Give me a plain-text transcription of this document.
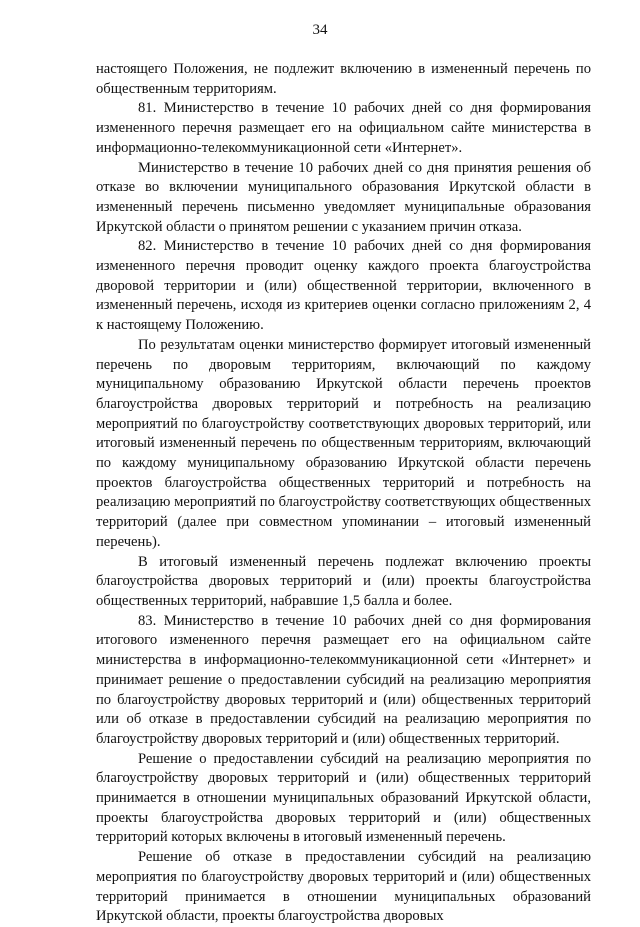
34

настоящего Положения, не подлежит включению в измененный перечень по общественным территориям.

81. Министерство в течение 10 рабочих дней со дня формирования измененного перечня размещает его на официальном сайте министерства в информационно-телекоммуникационной сети «Интернет».

Министерство в течение 10 рабочих дней со дня принятия решения об отказе во включении муниципального образования Иркутской области в измененный перечень письменно уведомляет муниципальные образования Иркутской области о принятом решении с указанием причин отказа.

82. Министерство в течение 10 рабочих дней со дня формирования измененного перечня проводит оценку каждого проекта благоустройства дворовой территории и (или) общественной территории, включенного в измененный перечень, исходя из критериев оценки согласно приложениям 2, 4 к настоящему Положению.

По результатам оценки министерство формирует итоговый измененный перечень по дворовым территориям, включающий по каждому муниципальному образованию Иркутской области перечень проектов благоустройства дворовых территорий и потребность на реализацию мероприятий по благоустройству соответствующих дворовых территорий, или итоговый измененный перечень по общественным территориям, включающий по каждому муниципальному образованию Иркутской области перечень проектов благоустройства общественных территорий и потребность на реализацию мероприятий по благоустройству соответствующих общественных территорий (далее при совместном упоминании – итоговый измененный перечень).

В итоговый измененный перечень подлежат включению проекты благоустройства дворовых территорий и (или) проекты благоустройства общественных территорий, набравшие 1,5 балла и более.

83. Министерство в течение 10 рабочих дней со дня формирования итогового измененного перечня размещает его на официальном сайте министерства в информационно-телекоммуникационной сети «Интернет» и принимает решение о предоставлении субсидий на реализацию мероприятия по благоустройству дворовых территорий и (или) общественных территорий или об отказе в предоставлении субсидий на реализацию мероприятия по благоустройству дворовых территорий и (или) общественных территорий.

Решение о предоставлении субсидий на реализацию мероприятия по благоустройству дворовых территорий и (или) общественных территорий принимается в отношении муниципальных образований Иркутской области, проекты благоустройства дворовых территорий и (или) общественных территорий которых включены в итоговый измененный перечень.

Решение об отказе в предоставлении субсидий на реализацию мероприятия по благоустройству дворовых территорий и (или) общественных территорий принимается в отношении муниципальных образований Иркутской области, проекты благоустройства дворовых
